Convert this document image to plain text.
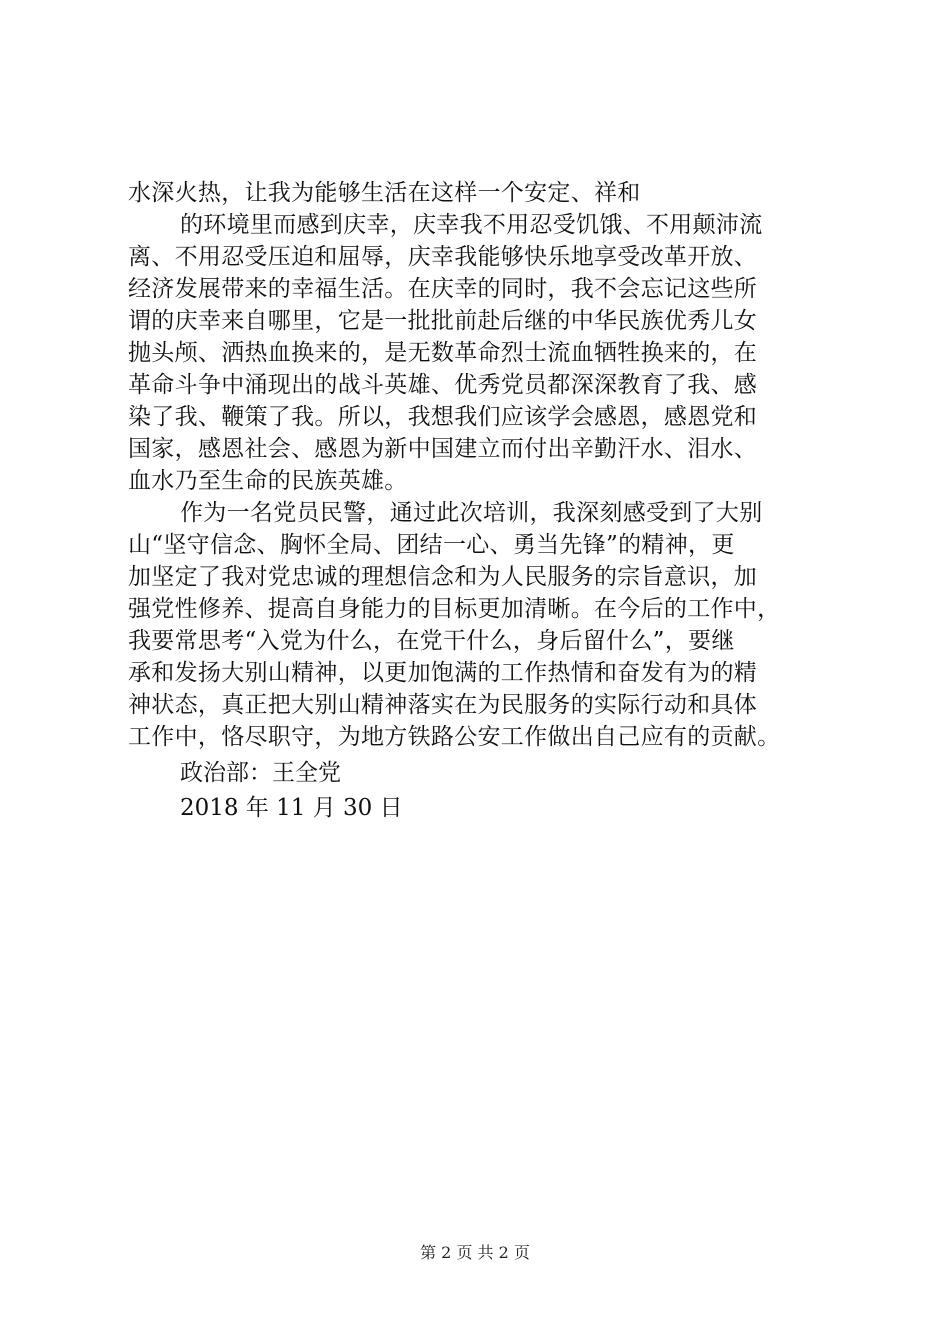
水深火热，让我为能够生活在这样一个安定、祥和
的环境里而感到庆幸，庆幸我不用忍受饥饿、不用颠沛流
离、不用忍受压迫和屈辱，庆幸我能够快乐地享受改革开放、
经济发展带来的幸福生活。在庆幸的同时，我不会忘记这些所
谓的庆幸来自哪里，它是一批批前赴后继的中华民族优秀儿女
抛头颅、洒热血换来的，是无数革命烈士流血牺牲换来的，在
革命斗争中涌现出的战斗英雄、优秀党员都深深教育了我、感
染了我、鞭策了我。所以，我想我们应该学会感恩，感恩党和
国家，感恩社会、感恩为新中国建立而付出辛勤汗水、泪水、
血水乃至生命的民族英雄。
作为一名党员民警，通过此次培训，我深刻感受到了大别
山“坚守信念、胸怀全局、团结一心、勇当先锋”的精神，更
加坚定了我对党忠诚的理想信念和为人民服务的宗旨意识，加
强党性修养、提高自身能力的目标更加清晰。在今后的工作中，
我要常思考“入党为什么，在党干什么，身后留什么”，要继
承和发扬大别山精神，以更加饱满的工作热情和奋发有为的精
神状态，真正把大别山精神落实在为民服务的实际行动和具体
工作中，恪尽职守，为地方铁路公安工作做出自己应有的贡献。
政治部：王全党
2018 年 11 月 30 日
第 2 页 共 2 页
